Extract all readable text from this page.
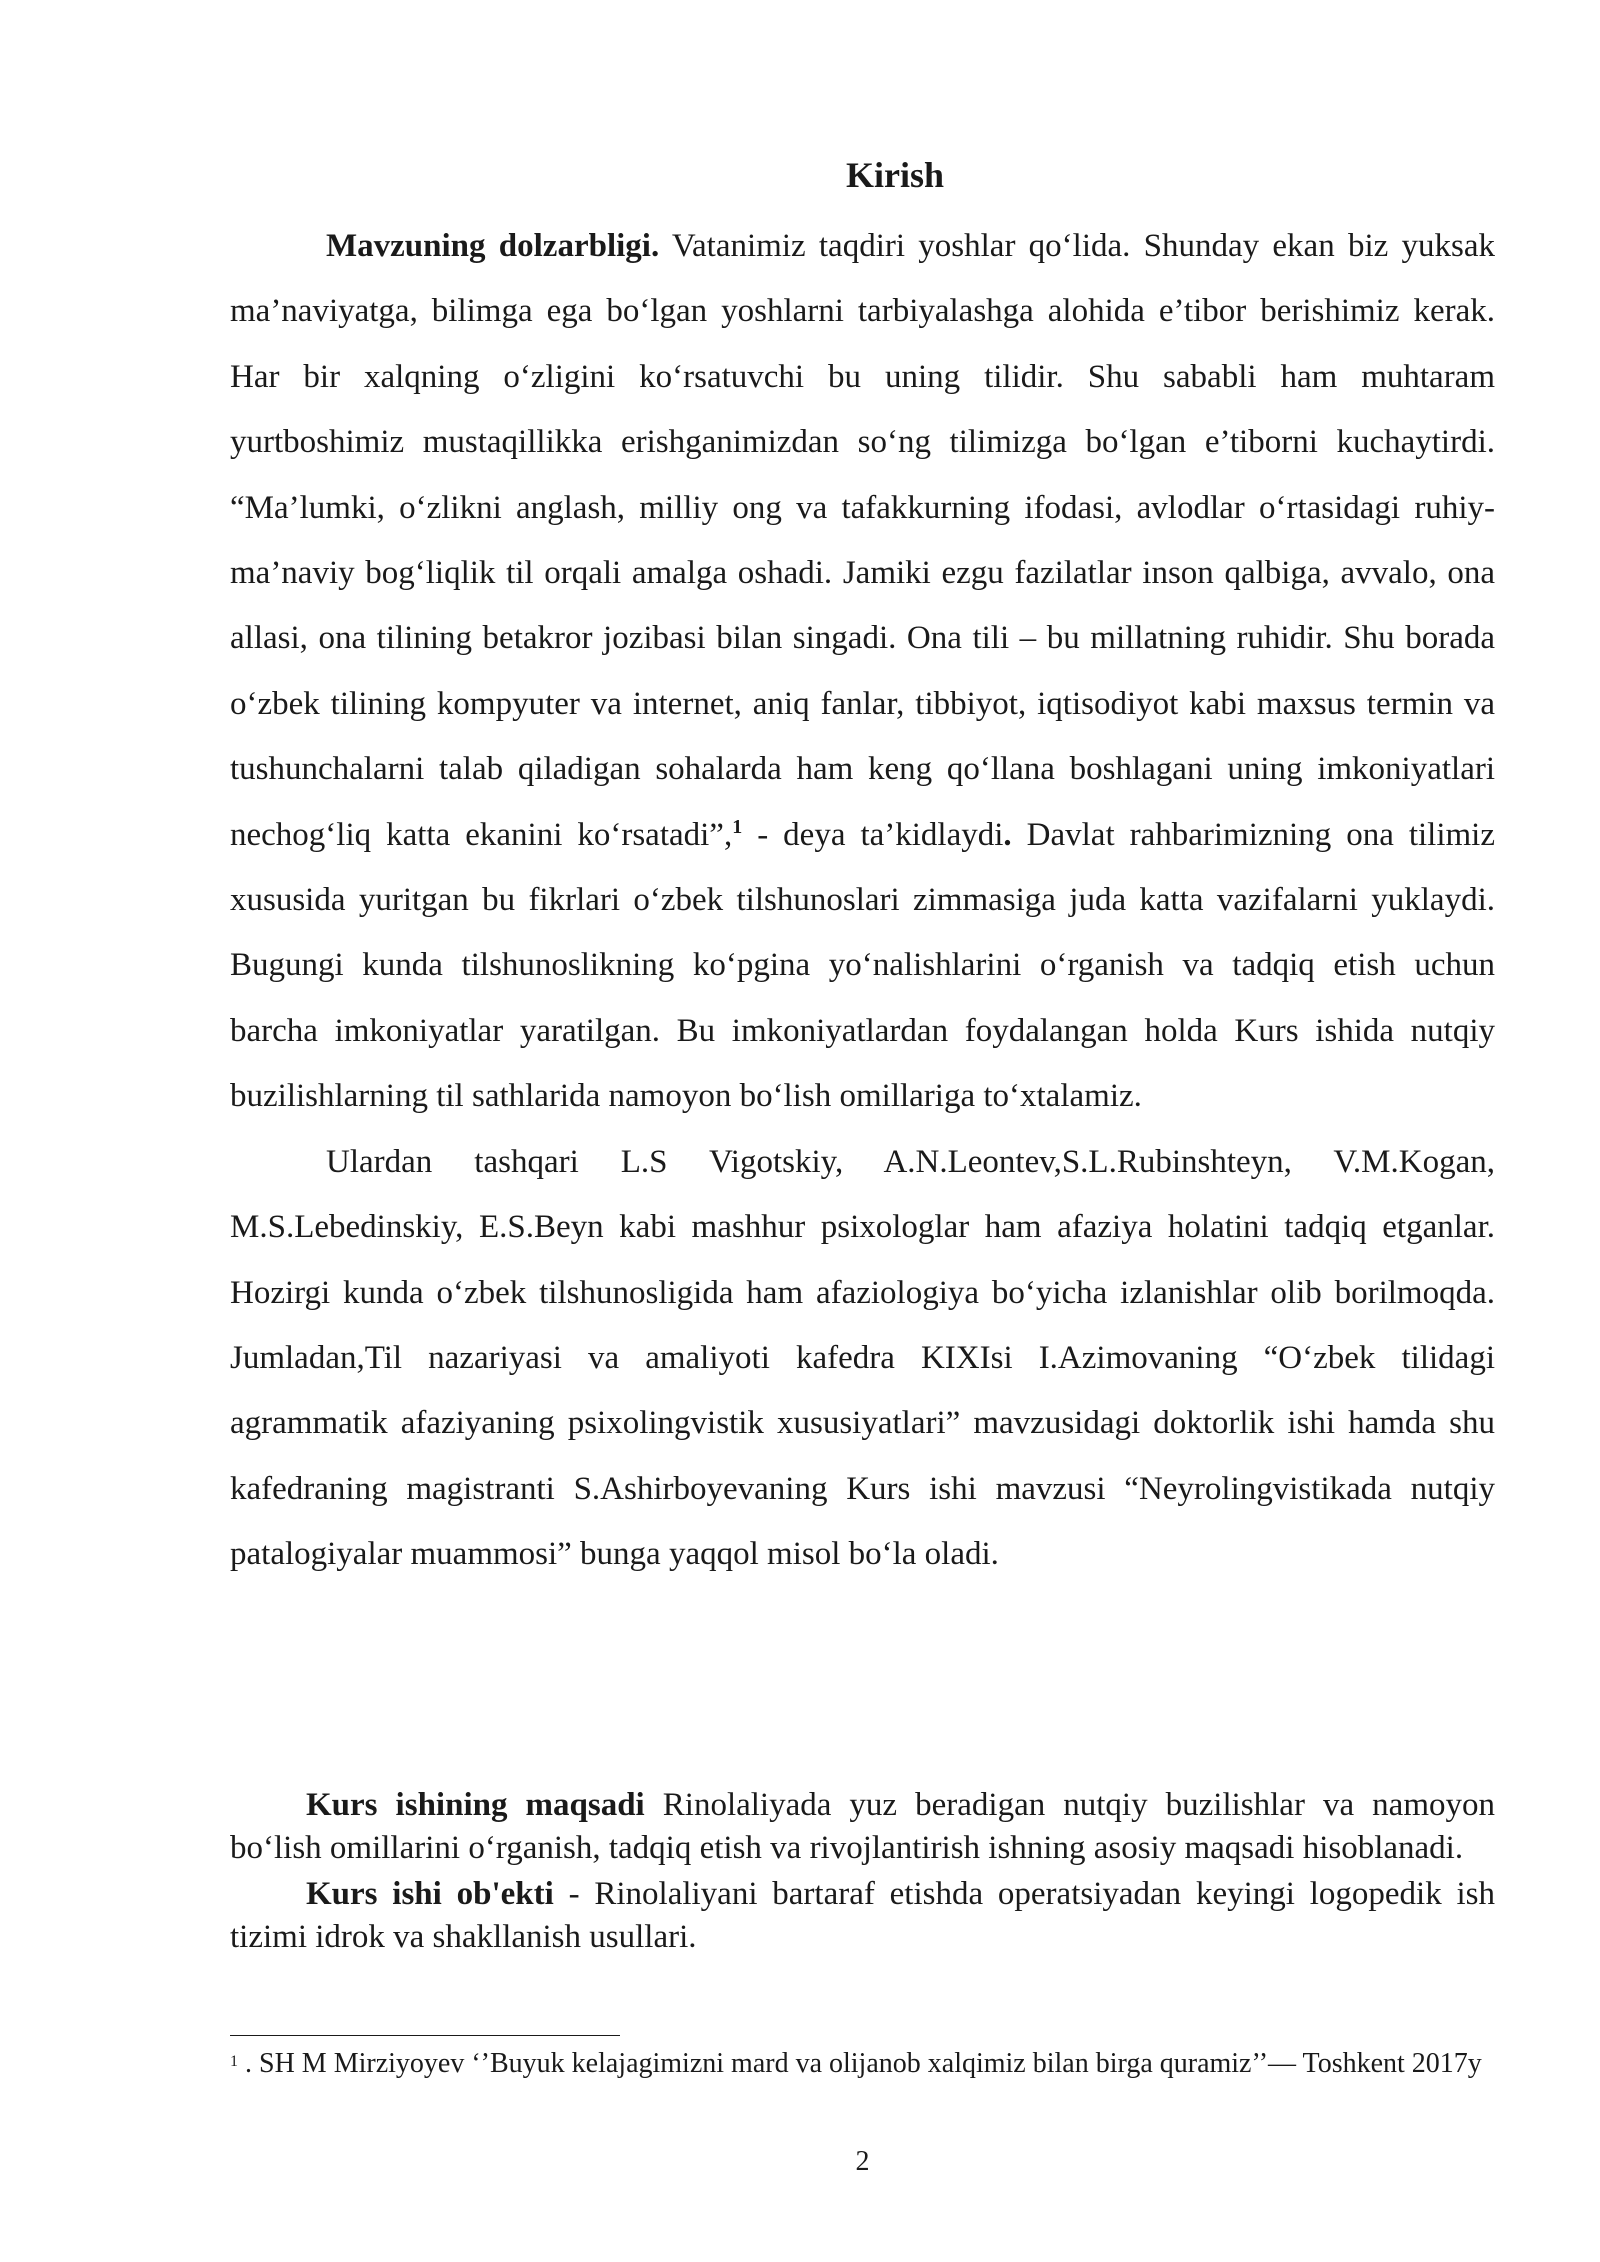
Kirish

Mavzuning dolzarbligi. Vatanimiz taqdiri yoshlar qo‘lida. Shunday ekan biz yuksak ma’naviyatga, bilimga ega bo‘lgan yoshlarni tarbiyalashga alohida e’tibor berishimiz kerak. Har bir xalqning o‘zligini ko‘rsatuvchi bu uning tilidir. Shu sababli ham muhtaram yurtboshimiz mustaqillikka erishganimizdan so‘ng tilimizga bo‘lgan e’tiborni kuchaytirdi. “Ma’lumki, o‘zlikni anglash, milliy ong va tafakkurning ifodasi, avlodlar o‘rtasidagi ruhiy-ma’naviy bog‘liqlik til orqali amalga oshadi. Jamiki ezgu fazilatlar inson qalbiga, avvalo, ona allasi, ona tilining betakror jozibasi bilan singadi. Ona tili – bu millatning ruhidir. Shu borada o‘zbek tilining kompyuter va internet, aniq fanlar, tibbiyot, iqtisodiyot kabi maxsus termin va tushunchalarni talab qiladigan sohalarda ham keng qo‘llana boshlagani uning imkoniyatlari nechog‘liq katta ekanini ko‘rsatadi”,$^1$ - deya ta’kidlaydi. Davlat rahbarimizning ona tilimiz xususida yuritgan bu fikrlari o‘zbek tilshunoslari zimmasiga juda katta vazifalarni yuklaydi. Bugungi kunda tilshunoslikning ko‘pgina yo‘nalishlarini o‘rganish va tadqiq etish uchun barcha imkoniyatlar yaratilgan. Bu imkoniyatlardan foydalangan holda Kurs ishida nutqiy buzilishlarning til sathlarida namoyon bo‘lish omillariga to‘xtalamiz.

Ulardan tashqari L.S Vigotskiy, A.N.Leontev,S.L.Rubinshteyn, V.M.Kogan, M.S.Lebedinskiy, E.S.Beyn kabi mashhur psixologlar ham afaziya holatini tadqiq etganlar. Hozirgi kunda o‘zbek tilshunosligida ham afaziologiya bo‘yicha izlanishlar olib borilmoqda. Jumladan,Til nazariyasi va amaliyoti kafedra KIXIsi I.Azimovaning “O‘zbek tilidagi agrammatik afaziyaning psixolingvistik xususiyatlari” mavzusidagi doktorlik ishi hamda shu kafedraning magistranti S.Ashirboyevaning Kurs ishi mavzusi “Neyrolingvistikada nutqiy patalogiyalar muammosi” bunga yaqqol misol bo‘la oladi.

Kurs ishining maqsadi Rinolaliyada yuz beradigan nutqiy buzilishlar va namoyon bo‘lish omillarini o‘rganish, tadqiq etish va rivojlantirish ishning asosiy maqsadi hisoblanadi.

Kurs ishi ob'ekti - Rinolaliyani bartaraf etishda operatsiyadan keyingi logopedik ish tizimi idrok va shakllanish usullari.

$^1$ . SH M Mirziyoyev ‘’Buyuk kelajagimizni mard va olijanob xalqimiz bilan birga quramiz’’— Toshkent 2017y

2
